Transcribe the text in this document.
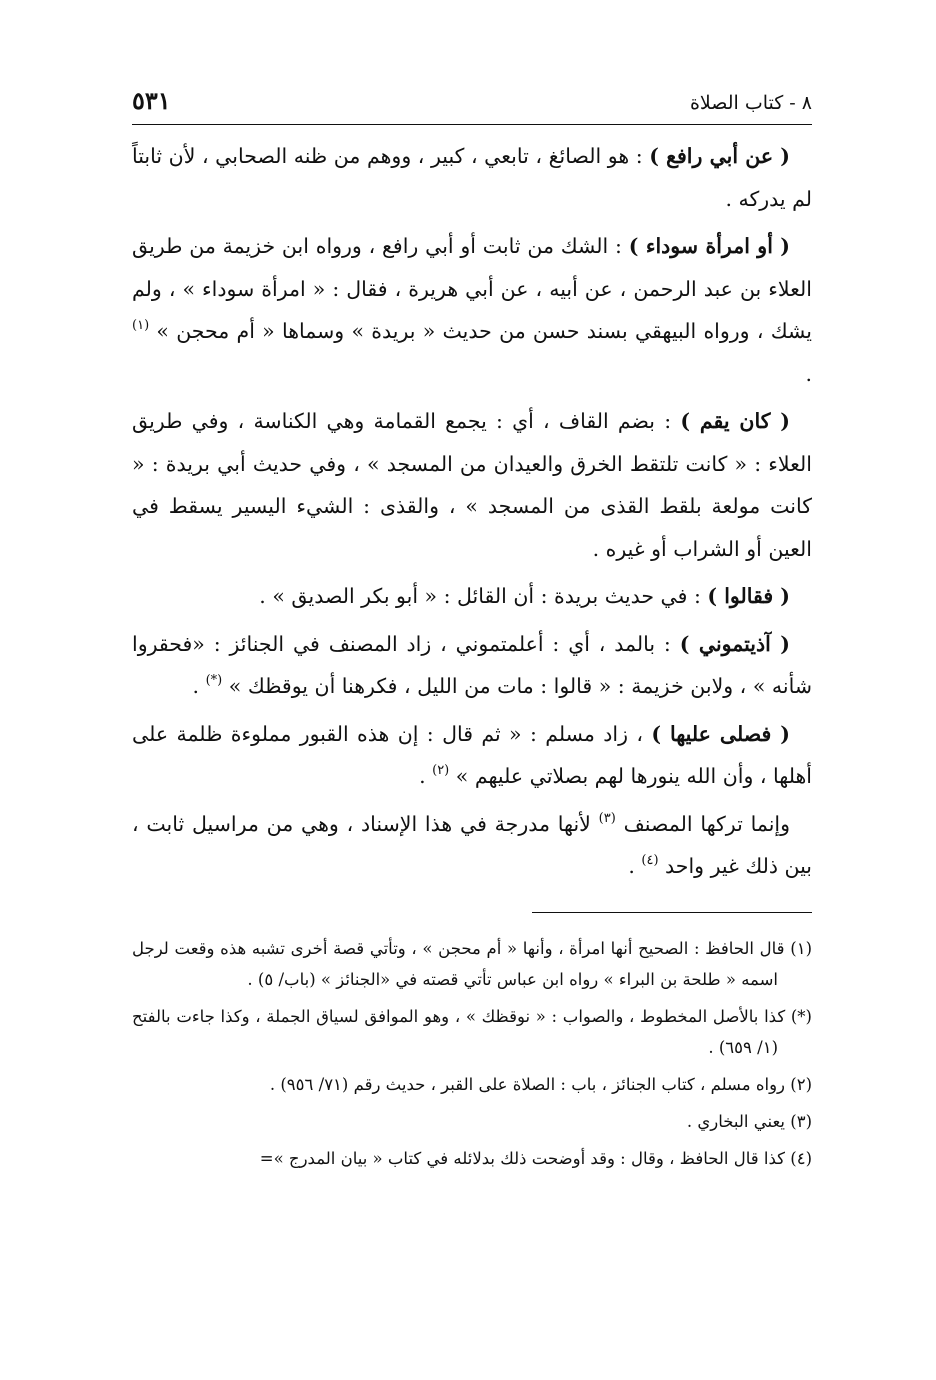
٨ - كتاب الصلاة
٥٣١

( عن أبي رافع ) : هو الصائغ ، تابعي ، كبير ، ووهم من ظنه الصحابي ، لأن ثابتاً لم يدركه .

( أو امرأة سوداء ) : الشك من ثابت أو أبي رافع ، ورواه ابن خزيمة من طريق العلاء بن عبد الرحمن ، عن أبيه ، عن أبي هريرة ، فقال : « امرأة سوداء » ، ولم يشك ، ورواه البيهقي بسند حسن من حديث « بريدة » وسماها « أم محجن » $^{(١)}$ .

( كان يقم ) : بضم القاف ، أي : يجمع القمامة وهي الكناسة ، وفي طريق العلاء : « كانت تلتقط الخرق والعيدان من المسجد » ، وفي حديث أبي بريدة : « كانت مولعة بلقط القذى من المسجد » ، والقذى : الشيء اليسير يسقط في العين أو الشراب أو غيره .

( فقالوا ) : في حديث بريدة : أن القائل : « أبو بكر الصديق » .

( آذيتموني ) : بالمد ، أي : أعلمتموني ، زاد المصنف في الجنائز : «فحقروا شأنه » ، ولابن خزيمة : « قالوا : مات من الليل ، فكرهنا أن يوقظك » (*) .

( فصلى عليها ) ، زاد مسلم : « ثم قال : إن هذه القبور مملوءة ظلمة على أهلها ، وأن الله ينورها لهم بصلاتي عليهم » $^{(٢)}$ .

وإنما تركها المصنف $^{(٣)}$ لأنها مدرجة في هذا الإسناد ، وهي من مراسيل ثابت ، بين ذلك غير واحد $^{(٤)}$ .

(١) قال الحافظ : الصحيح أنها امرأة ، وأنها « أم محجن » ، وتأتي قصة أخرى تشبه هذه وقعت لرجل اسمه « طلحة بن البراء » رواه ابن عباس تأتي قصته في «الجنائز » (باب/ ٥) .

(*) كذا بالأصل المخطوط ، والصواب : « نوقظك » ، وهو الموافق لسياق الجملة ، وكذا جاءت بالفتح (١/ ٦٥٩) .

(٢) رواه مسلم ، كتاب الجنائز ، باب : الصلاة على القبر ، حديث رقم (٧١/ ٩٥٦) .

(٣) يعني البخاري .

(٤) كذا قال الحافظ ، وقال : وقد أوضحت ذلك بدلائله في كتاب « بيان المدرج »=
